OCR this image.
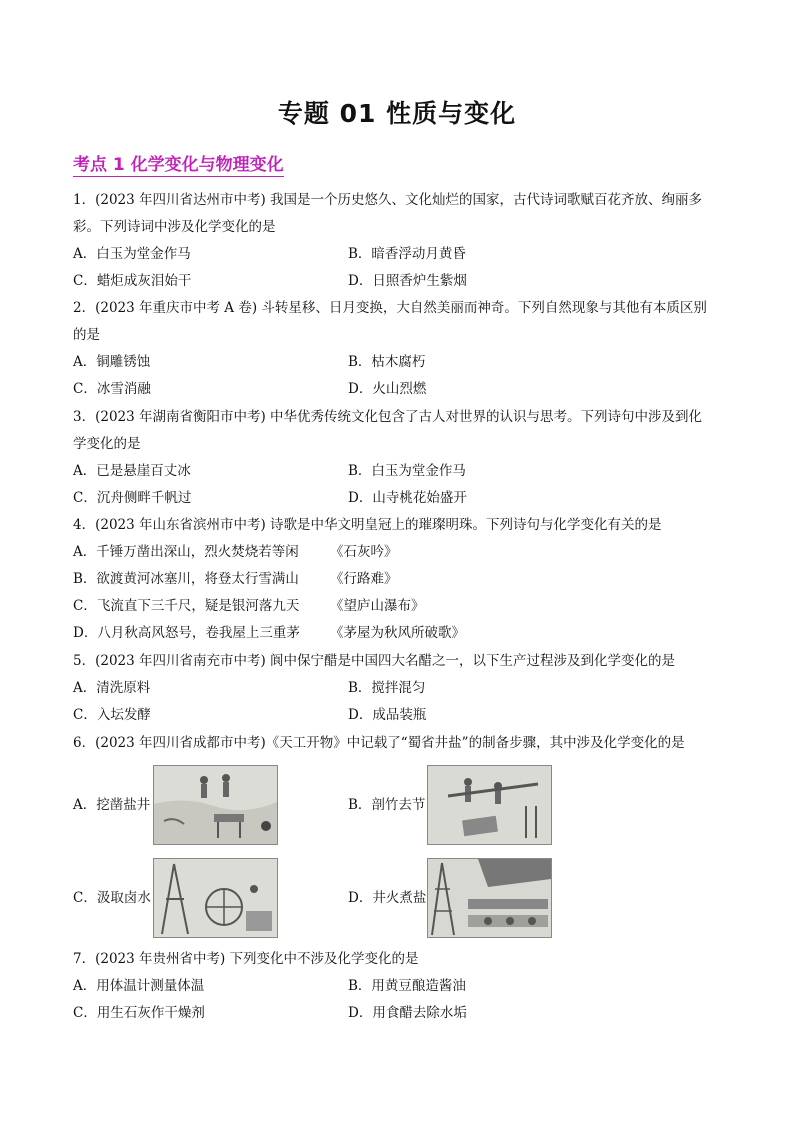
专题 01 性质与变化
考点 1 化学变化与物理变化
1．(2023 年四川省达州市中考) 我国是一个历史悠久、文化灿烂的国家，古代诗词歌赋百花齐放、绚丽多
彩。下列诗词中涉及化学变化的是
A．白玉为堂金作马	B．暗香浮动月黄昏
C．蜡炬成灰泪始干	D．日照香炉生紫烟
2．(2023 年重庆市中考 A 卷) 斗转星移、日月变换，大自然美丽而神奇。下列自然现象与其他有本质区别
的是
A．铜雕锈蚀	B．枯木腐朽
C．冰雪消融	D．火山烈燃
3．(2023 年湖南省衡阳市中考) 中华优秀传统文化包含了古人对世界的认识与思考。下列诗句中涉及到化
学变化的是
A．已是悬崖百丈冰	B．白玉为堂金作马
C．沉舟侧畔千帆过	D．山寺桃花始盛开
4．(2023 年山东省滨州市中考) 诗歌是中华文明皇冠上的璀璨明珠。下列诗句与化学变化有关的是
A．千锤万凿出深山，烈火焚烧若等闲 《石灰吟》
B．欲渡黄河冰塞川，将登太行雪满山 《行路难》
C．飞流直下三千尺，疑是银河落九天 《望庐山瀑布》
D．八月秋高风怒号，卷我屋上三重茅 《茅屋为秋风所破歌》
5．(2023 年四川省南充市中考) 阆中保宁醋是中国四大名醋之一，以下生产过程涉及到化学变化的是
A．清洗原料	B．搅拌混匀
C．入坛发酵	D．成品装瓶
6．(2023 年四川省成都市中考)《天工开物》中记载了“蜀省井盐”的制备步骤，其中涉及化学变化的是
A．挖凿盐井	B．剖竹去节
C．汲取卤水	D．井火煮盐
7．(2023 年贵州省中考) 下列变化中不涉及化学变化的是
A．用体温计测量体温	B．用黄豆酿造酱油
C．用生石灰作干燥剂	D．用食醋去除水垢
